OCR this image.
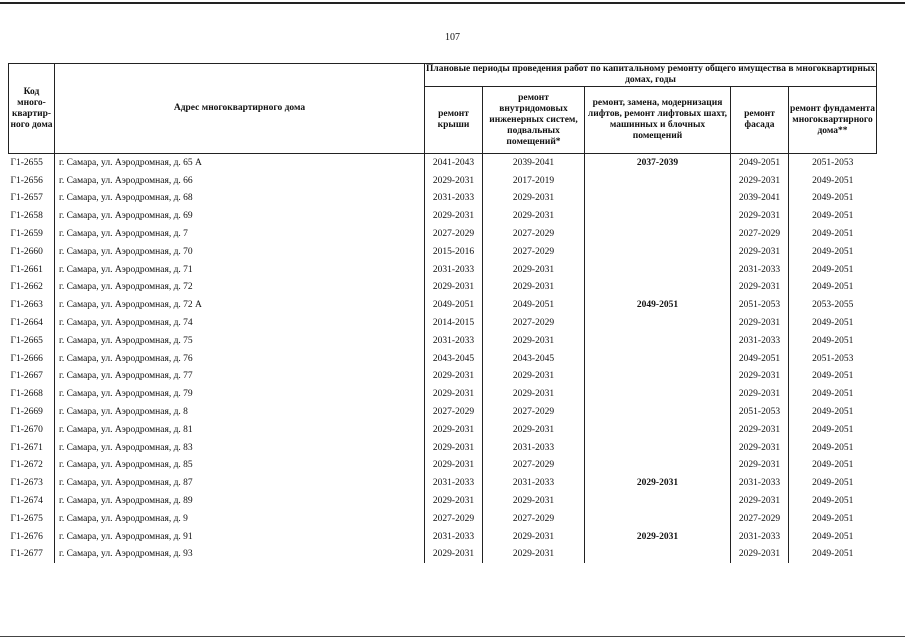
107
Код много-квартир-ного дома	Адрес многоквартирного дома	Плановые периоды проведения работ по капитальному ремонту общего имущества в многоквартирных домах, годы				
		ремонт крыши	ремонт внутридомовых инженерных систем, подвальных помещений*	ремонт, замена, модернизация лифтов, ремонт лифтовых шахт, машинных и блочных помещений	ремонт фасада	ремонт фундамента многоквартирного дома**
Г1-2655	г. Самара, ул. Аэродромная, д. 65 А	2041-2043	2039-2041	2037-2039	2049-2051	2051-2053
Г1-2656	г. Самара, ул. Аэродромная, д. 66	2029-2031	2017-2019		2029-2031	2049-2051
Г1-2657	г. Самара, ул. Аэродромная, д. 68	2031-2033	2029-2031		2039-2041	2049-2051
Г1-2658	г. Самара, ул. Аэродромная, д. 69	2029-2031	2029-2031		2029-2031	2049-2051
Г1-2659	г. Самара, ул. Аэродромная, д. 7	2027-2029	2027-2029		2027-2029	2049-2051
Г1-2660	г. Самара, ул. Аэродромная, д. 70	2015-2016	2027-2029		2029-2031	2049-2051
Г1-2661	г. Самара, ул. Аэродромная, д. 71	2031-2033	2029-2031		2031-2033	2049-2051
Г1-2662	г. Самара, ул. Аэродромная, д. 72	2029-2031	2029-2031		2029-2031	2049-2051
Г1-2663	г. Самара, ул. Аэродромная, д. 72 А	2049-2051	2049-2051	2049-2051	2051-2053	2053-2055
Г1-2664	г. Самара, ул. Аэродромная, д. 74	2014-2015	2027-2029		2029-2031	2049-2051
Г1-2665	г. Самара, ул. Аэродромная, д. 75	2031-2033	2029-2031		2031-2033	2049-2051
Г1-2666	г. Самара, ул. Аэродромная, д. 76	2043-2045	2043-2045		2049-2051	2051-2053
Г1-2667	г. Самара, ул. Аэродромная, д. 77	2029-2031	2029-2031		2029-2031	2049-2051
Г1-2668	г. Самара, ул. Аэродромная, д. 79	2029-2031	2029-2031		2029-2031	2049-2051
Г1-2669	г. Самара, ул. Аэродромная, д. 8	2027-2029	2027-2029		2051-2053	2049-2051
Г1-2670	г. Самара, ул. Аэродромная, д. 81	2029-2031	2029-2031		2029-2031	2049-2051
Г1-2671	г. Самара, ул. Аэродромная, д. 83	2029-2031	2031-2033		2029-2031	2049-2051
Г1-2672	г. Самара, ул. Аэродромная, д. 85	2029-2031	2027-2029		2029-2031	2049-2051
Г1-2673	г. Самара, ул. Аэродромная, д. 87	2031-2033	2031-2033	2029-2031	2031-2033	2049-2051
Г1-2674	г. Самара, ул. Аэродромная, д. 89	2029-2031	2029-2031		2029-2031	2049-2051
Г1-2675	г. Самара, ул. Аэродромная, д. 9	2027-2029	2027-2029		2027-2029	2049-2051
Г1-2676	г. Самара, ул. Аэродромная, д. 91	2031-2033	2029-2031	2029-2031	2031-2033	2049-2051
Г1-2677	г. Самара, ул. Аэродромная, д. 93	2029-2031	2029-2031		2029-2031	2049-2051
